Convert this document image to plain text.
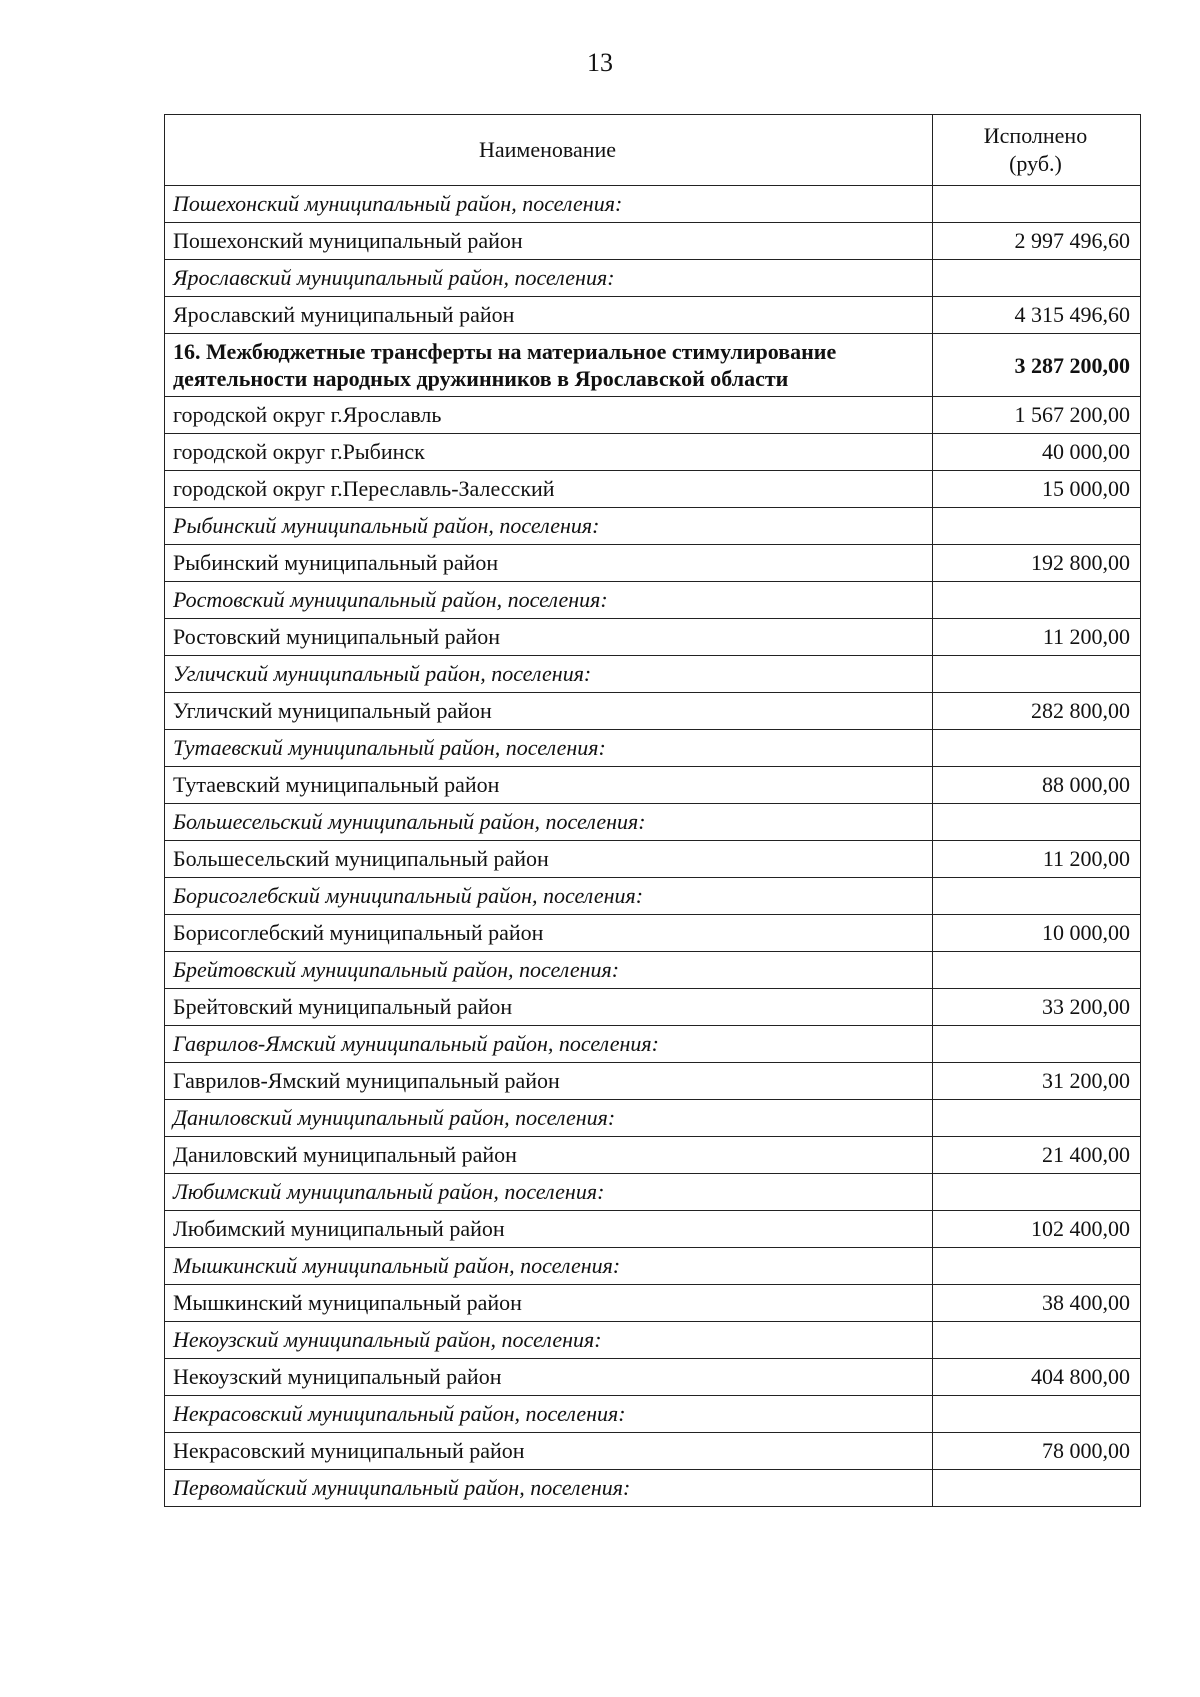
13
Наименование	Исполнено
(руб.)
Пошехонский муниципальный район, поселения:	
Пошехонский муниципальный район	2 997 496,60
Ярославский муниципальный район, поселения:	
Ярославский муниципальный район	4 315 496,60
16. Межбюджетные трансферты на материальное стимулирование деятельности народных дружинников в Ярославской области	3 287 200,00
городской округ г.Ярославль	1 567 200,00
городской округ г.Рыбинск	40 000,00
городской округ г.Переславль-Залесский	15 000,00
Рыбинский муниципальный район, поселения:	
Рыбинский муниципальный район	192 800,00
Ростовский муниципальный район, поселения:	
Ростовский муниципальный район	11 200,00
Угличский муниципальный район, поселения:	
Угличский муниципальный район	282 800,00
Тутаевский муниципальный район, поселения:	
Тутаевский муниципальный район	88 000,00
Большесельский муниципальный район, поселения:	
Большесельский муниципальный район	11 200,00
Борисоглебский муниципальный район, поселения:	
Борисоглебский муниципальный район	10 000,00
Брейтовский муниципальный район, поселения:	
Брейтовский муниципальный район	33 200,00
Гаврилов-Ямский муниципальный район, поселения:	
Гаврилов-Ямский муниципальный район	31 200,00
Даниловский муниципальный район, поселения:	
Даниловский муниципальный район	21 400,00
Любимский муниципальный район, поселения:	
Любимский муниципальный район	102 400,00
Мышкинский муниципальный район, поселения:	
Мышкинский муниципальный район	38 400,00
Некоузский муниципальный район, поселения:	
Некоузский муниципальный район	404 800,00
Некрасовский муниципальный район, поселения:	
Некрасовский муниципальный район	78 000,00
Первомайский муниципальный район, поселения:	
